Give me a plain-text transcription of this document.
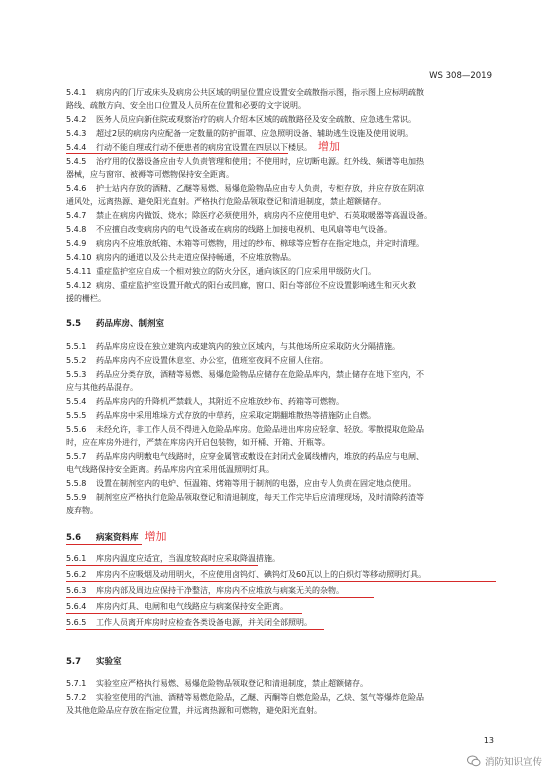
WS 308—2019
5.4.1 病房内的门厅或床头及病房公共区域的明显位置应设置安全疏散指示图，指示图上应标明疏散
路线、疏散方向、安全出口位置及人员所在位置和必要的文字说明。
5.4.2 医务人员应向新住院或观察治疗的病人介绍本区域的疏散路径及安全疏散、应急逃生常识。
5.4.3 超过2层的病房内应配备一定数量的防护面罩、应急照明设备、辅助逃生设施及使用说明。
5.4.4 行动不能自理或行动不便患者的病房宜设置在四层以下楼层。 增加
5.4.5 治疗用的仪器设备应由专人负责管理和使用；不使用时，应切断电源。红外线、频谱等电加热
器械，应与窗帘、被褥等可燃物保持安全距离。
5.4.6 护士站内存放的酒精、乙醚等易燃、易爆危险物品应由专人负责，专柜存放，并应存放在阴凉
通风处，远离热源、避免阳光直射。严格执行危险品领取登记和清退制度，禁止超额储存。
5.4.7 禁止在病房内做饭、烧水；除医疗必须使用外，病房内不应使用电炉、石英取暖器等高温设备。
5.4.8 不应擅自改变病房内的电气设备或在病房的线路上加接电视机、电风扇等电气设备。
5.4.9 病房内不应堆放纸箱、木箱等可燃物，用过的纱布、棉球等应暂存在指定地点，并定时清理。
5.4.10 病房内的通道以及公共走道应保持畅通，不应堆放物品。
5.4.11 重症监护室应自成一个相对独立的防火分区，通向该区的门应采用甲级防火门。
5.4.12 病房、重症监护室设置开敞式的阳台或凹廊，窗口、阳台等部位不应设置影响逃生和灭火救
援的栅栏。
5.5 药品库房、制剂室
5.5.1 药品库房应设在独立建筑内或建筑内的独立区域内，与其他场所应采取防火分隔措施。
5.5.2 药品库房内不应设置休息室、办公室，值班室夜间不应留人住宿。
5.5.3 药品应分类存放，酒精等易燃、易爆危险物品应储存在危险品库内，禁止储存在地下室内，不
应与其他药品混存。
5.5.4 药品库房内的升降机严禁载人，其附近不应堆放纱布、药箱等可燃物。
5.5.5 药品库房中采用堆垛方式存放的中草药，应采取定期翻堆散热等措施防止自燃。
5.5.6 未经允许，非工作人员不得进入危险品库房。危险品进出库房应轻拿、轻放。零散提取危险品
时，应在库房外进行，严禁在库房内开启包装物，如开桶、开箱、开瓶等。
5.5.7 药品库房内明敷电气线路时，应穿金属管或敷设在封闭式金属线槽内，堆放的药品应与电闸、
电气线路保持安全距离。药品库房内宜采用低温照明灯具。
5.5.8 设置在制剂室内的电炉、恒温箱、烤箱等用于制剂的电器，应由专人负责在固定地点使用。
5.5.9 制剂室应严格执行危险品领取登记和清退制度，每天工作完毕后应清理现场，及时清除药渣等
废弃物。
5.6 病案资料库 增加
5.6.1 库房内温度应适宜，当温度较高时应采取降温措施。
5.6.2 库房内不应吸烟及动用明火，不应使用卤钨灯、碘钨灯及60瓦以上的白炽灯等移动照明灯具。
5.6.3 库房内部及周边应保持干净整洁，库房内不应堆放与病案无关的杂物。
5.6.4 库房内灯具、电闸和电气线路应与病案保持安全距离。
5.6.5 工作人员离开库房时应检查各类设备电源，并关闭全部照明。
5.7 实验室
5.7.1 实验室应严格执行易燃、易爆危险物品领取登记和清退制度，禁止超额储存。
5.7.2 实验室使用的汽油、酒精等易燃危险品，乙醚、丙酮等自燃危险品，乙炔、氢气等爆炸危险品
及其他危险品应存放在指定位置，并远离热源和可燃物，避免阳光直射。
13
消防知识宣传
